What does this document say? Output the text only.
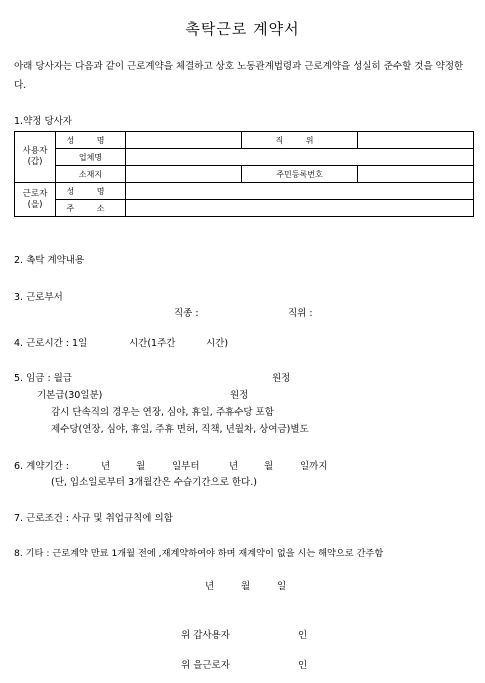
촉탁근로 계약서
아래 당사자는 다음과 같이 근로계약을 체결하고 상호 노동관계법령과 근로계약을 성실히 준수할 것을 약정한다.
1.약정 당사자
사용자
(갑)	성 명		직 위	
	업체명			
	소재지		주민등록번호	
근로자
(을)	성 명			
	주 소			
2. 촉탁 계약내용
3. 근로부서
직종 :	직위 :
4. 근로시간 : 1일	시간(1주간	시간)
5. 임금 : 월급	원정
기본급(30일분)	원정
감시 단속직의 경우는 연장, 심야, 휴일, 주휴수당 포함
제수당(연장, 심야, 휴일, 주휴 면허, 직책, 년월차, 상여금)별도
6. 계약기간 :	년	월	일부터	년	월	일까지
(단, 입소일로부터 3개월간은 수습기간으로 한다.)
7. 근로조건 : 사규 및 취업규칙에 의함
8. 기타 : 근로계약 만료 1개월 전에 ,재계약하여야 하며 재계약이 없을 시는 해약으로 간주함
년	월	일
위 갑사용자	인
위 을근로자	인
